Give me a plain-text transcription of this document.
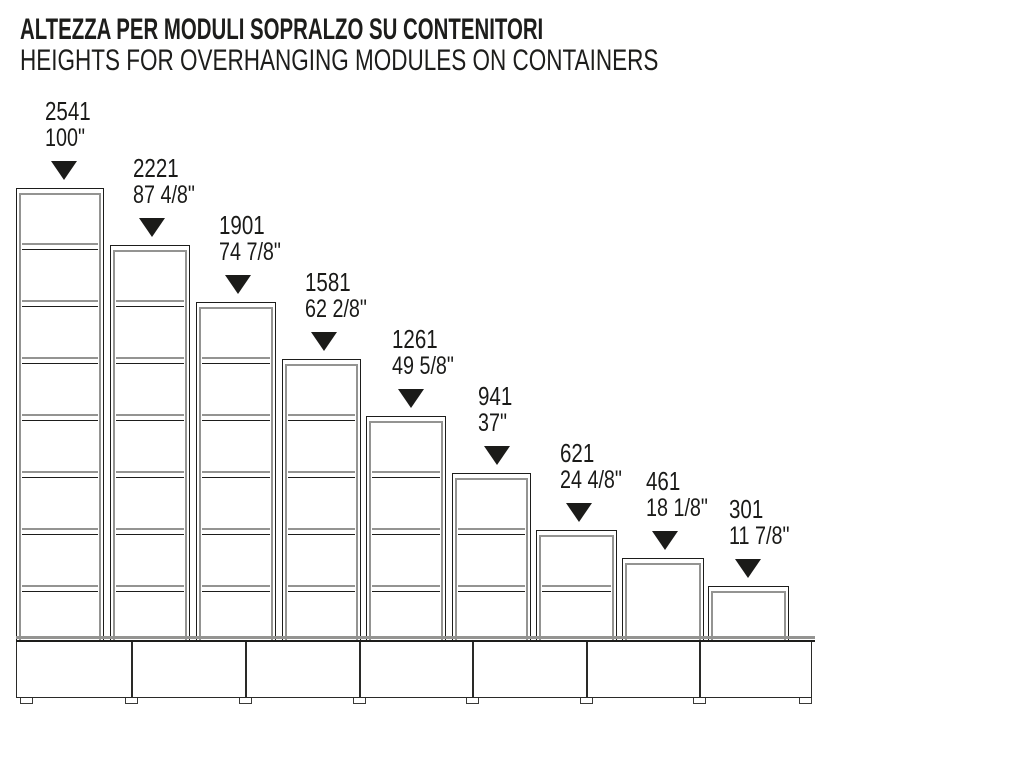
ALTEZZA PER MODULI SOPRALZO SU CONTENITORI
HEIGHTS FOR OVERHANGING MODULES ON CONTAINERS
2541
100"
2221
87 4/8"
1901
74 7/8"
1581
62 2/8"
1261
49 5/8"
941
37"
621
24 4/8" 461
18 1/8" 301
11 7/8"
